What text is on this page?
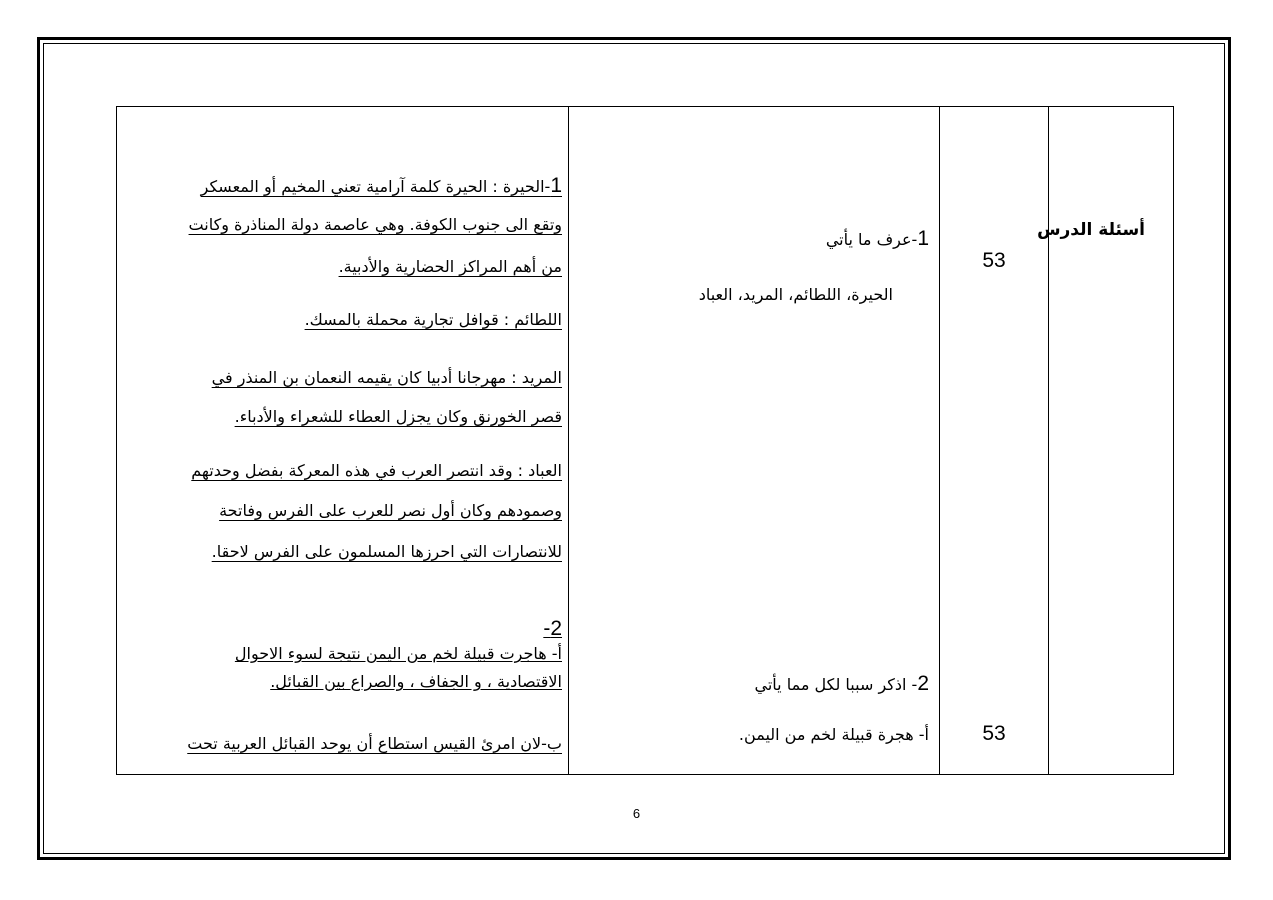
أسئلة الدرس
53
53
1-عرف ما يأتي
الحيرة، اللطائم، المريد، العباد
2- اذكر سببا لكل مما يأتي
أ- هجرة قبيلة لخم من اليمن.
1-الحيرة : الحيرة كلمة آرامية تعني المخيم أو المعسكر
وتقع الى جنوب الكوفة. وهي عاصمة دولة المناذرة وكانت
من أهم المراكز الحضارية والأدبية.
اللطائم : قوافل تجارية محملة بالمسك.
المريد : مهرجانا أدبيا كان يقيمه النعمان بن المنذر في
قصر الخورنق وكان يجزل العطاء للشعراء والأدباء.
العباد : وقد انتصر العرب في هذه المعركة بفضل وحدتهم
وصمودهم وكان أول نصر للعرب على الفرس وفاتحة
للانتصارات التي احرزها المسلمون على الفرس لاحقا.
2-
أ- هاجرت قبيلة لخم من اليمن نتيجة لسوء الاحوال
الاقتصادية ، و الجفاف ، والصراع بين القبائل.
ب-لان امرئ القيس استطاع أن يوحد القبائل العربية تحت
6
